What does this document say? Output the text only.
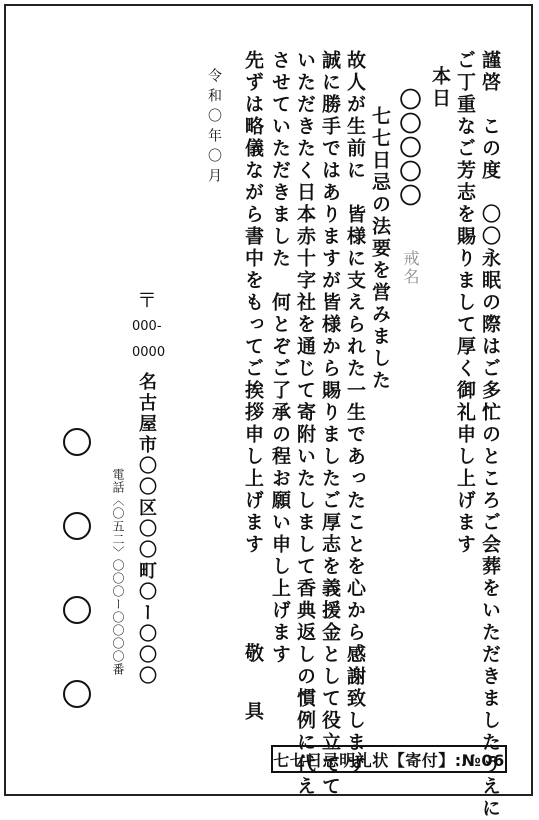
謹啓　この度　〇〇永眠の際はご多忙のところご会葬をいただきましたうえに
ご丁重なご芳志を賜りまして厚く御礼申し上げます
本日
〇〇〇〇〇
戒名
七七日忌の法要を営みました
故人が生前に　皆様に支えられた一生であったことを心から感謝致します
誠に勝手ではありますが皆様から賜りましたご厚志を義援金として役立てて
いただきたく日本赤十字社を通じて寄附いたしまして香典返しの慣例に代え
させていただきました　何とぞご了承の程お願い申し上げます
先ずは略儀ながら書中をもってご挨拶申し上げます
敬　具
令和〇年〇月
〒
000-
0000
名古屋市〇〇区〇〇町〇ー〇〇〇
電話〈〇五二〉〇〇〇ー〇〇〇〇番
七七日忌明礼状【寄付】:№06
